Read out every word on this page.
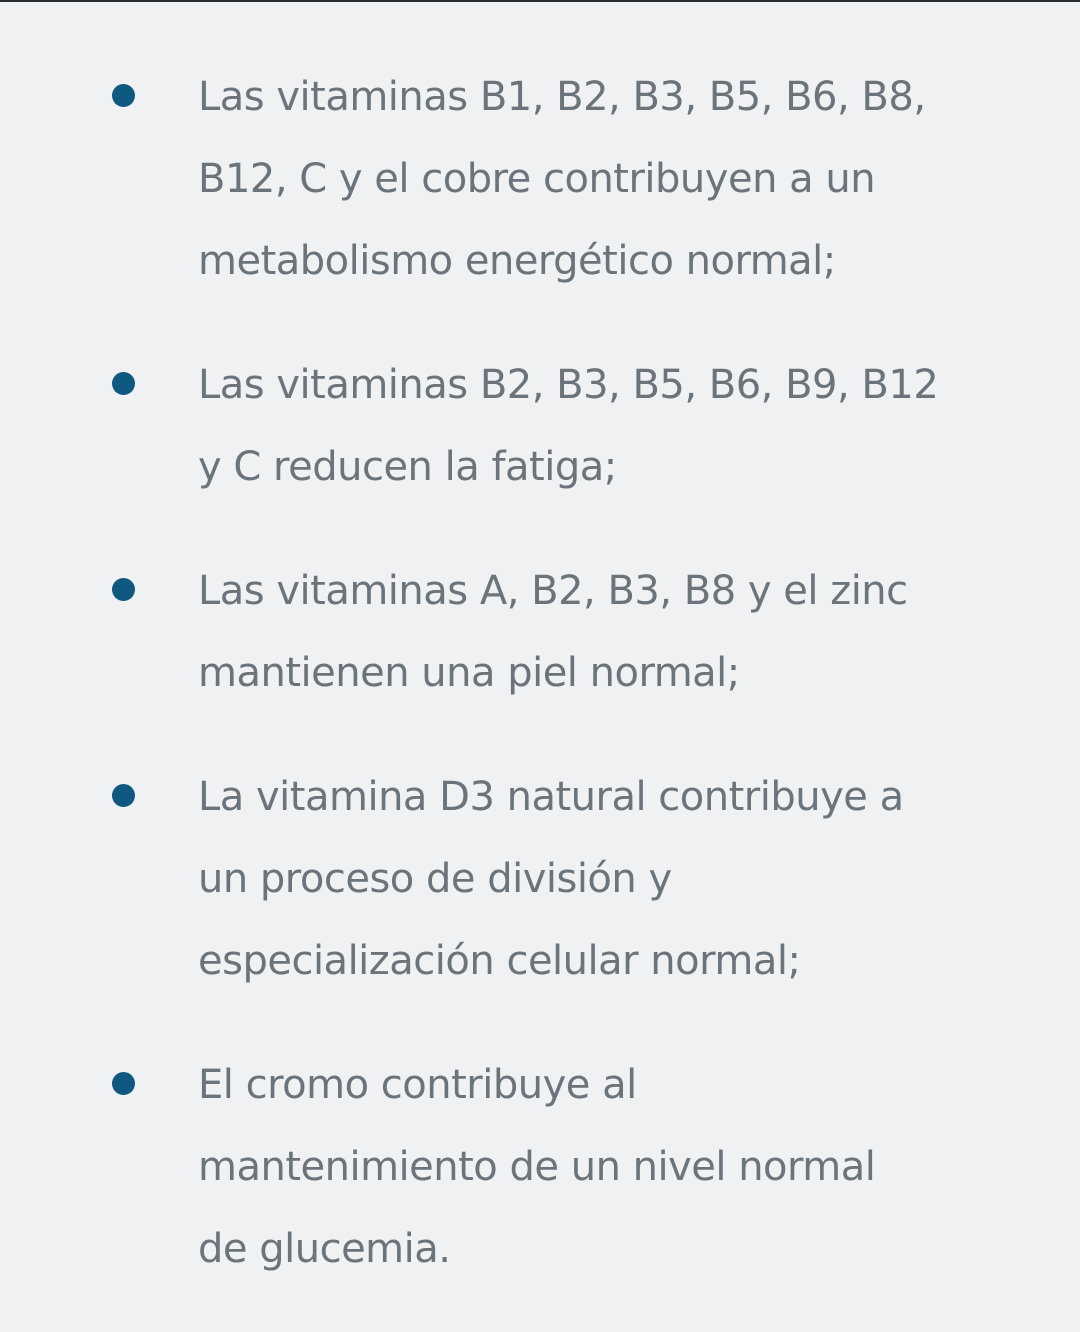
Las vitaminas B1, B2, B3, B5, B6, B8,
B12, C y el cobre contribuyen a un
metabolismo energético normal;
Las vitaminas B2, B3, B5, B6, B9, B12
y C reducen la fatiga;
Las vitaminas A, B2, B3, B8 y el zinc
mantienen una piel normal;
La vitamina D3 natural contribuye a
un proceso de división y
especialización celular normal;
El cromo contribuye al
mantenimiento de un nivel normal
de glucemia.
